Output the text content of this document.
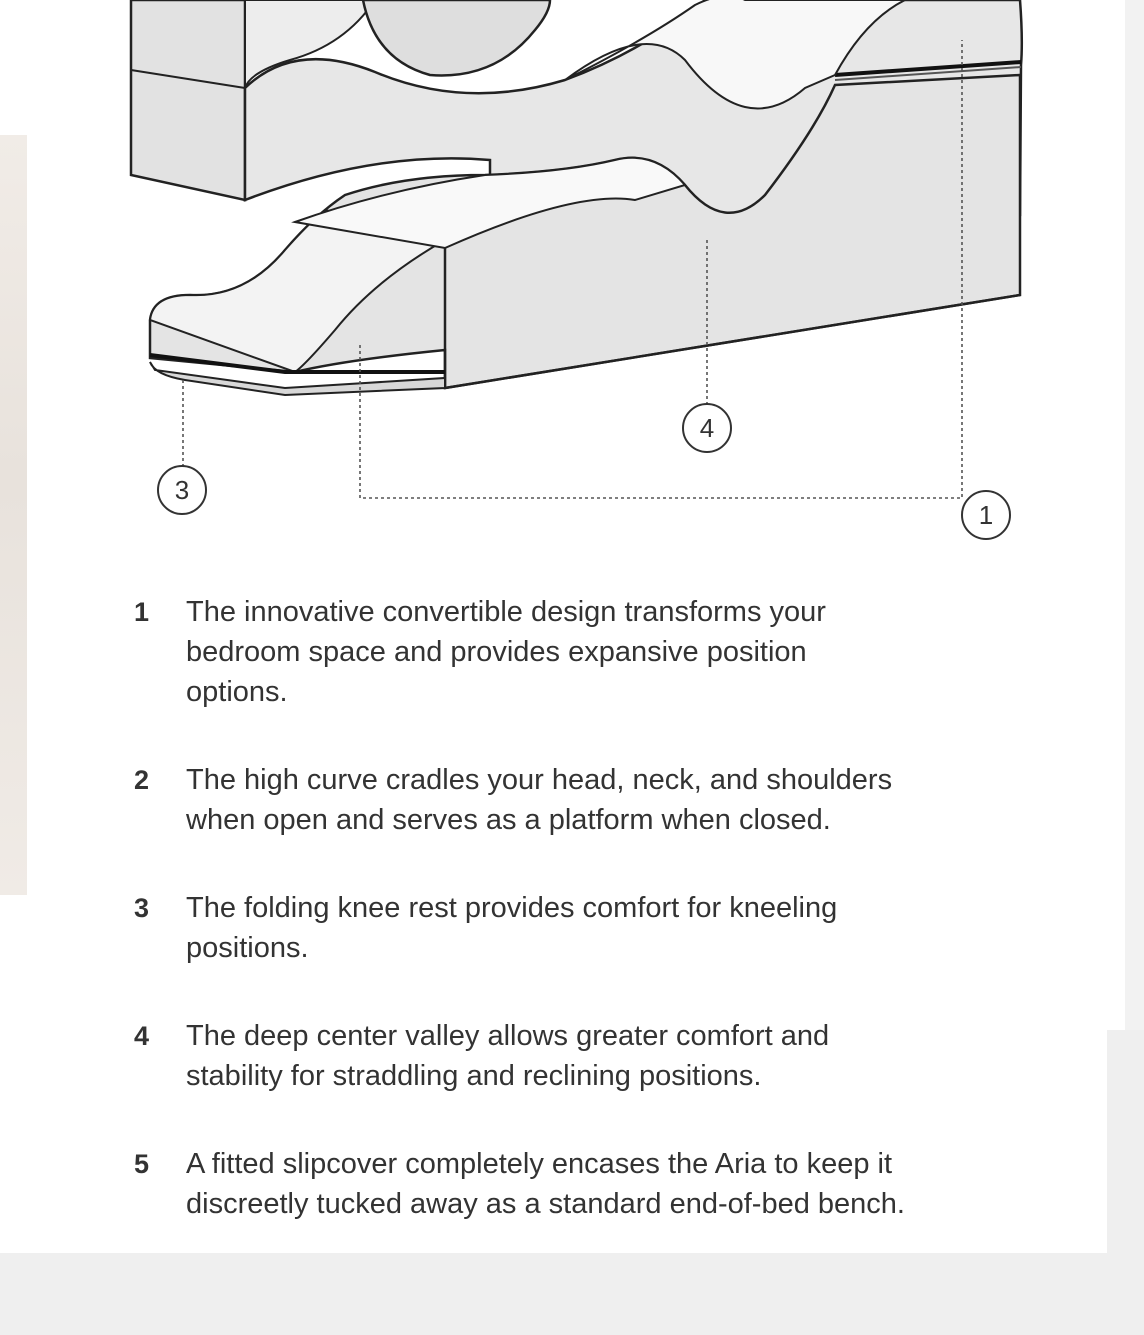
3
4
1
1	The innovative convertible design transforms your
bedroom space and provides expansive position
options.
2	The high curve cradles your head, neck, and shoulders
when open and serves as a platform when closed.
3	The folding knee rest provides comfort for kneeling
positions.
4	The deep center valley allows greater comfort and
stability for straddling and reclining positions.
5	A fitted slipcover completely encases the Aria to keep it
discreetly tucked away as a standard end-of-bed bench.
